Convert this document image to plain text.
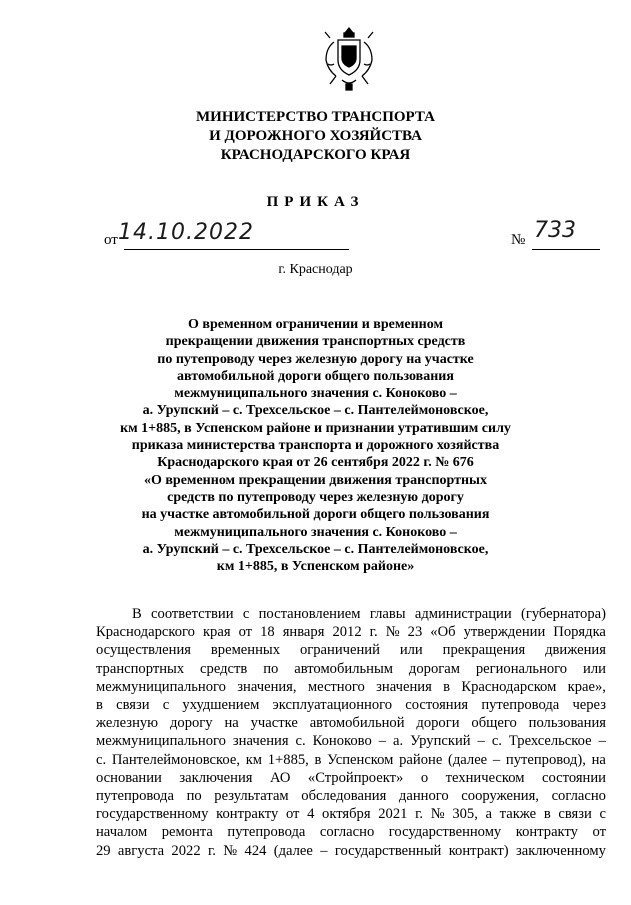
МИНИСТЕРСТВО ТРАНСПОРТА
И ДОРОЖНОГО ХОЗЯЙСТВА
КРАСНОДАРСКОГО КРАЯ
ПРИКАЗ
от 14.10.2022	№ 733
г. Краснодар
О временном ограничении и временном
прекращении движения транспортных средств
по путепроводу через железную дорогу на участке
автомобильной дороги общего пользования
межмуниципального значения с. Коноково –
а. Урупский – с. Трехсельское – с. Пантелеймоновское,
км 1+885, в Успенском районе и признании утратившим силу
приказа министерства транспорта и дорожного хозяйства
Краснодарского края от 26 сентября 2022 г. № 676
«О временном прекращении движения транспортных
средств по путепроводу через железную дорогу
на участке автомобильной дороги общего пользования
межмуниципального значения с. Коноково –
а. Урупский – с. Трехсельское – с. Пантелеймоновское,
км 1+885, в Успенском районе»
В соответствии с постановлением главы администрации (губернатора)
Краснодарского края от 18 января 2012 г. № 23 «Об утверждении Порядка
осуществления временных ограничений или прекращения движения
транспортных средств по автомобильным дорогам регионального или
межмуниципального значения, местного значения в Краснодарском крае»,
в связи с ухудшением эксплуатационного состояния путепровода через
железную дорогу на участке автомобильной дороги общего пользования
межмуниципального значения с. Коноково – а. Урупский – с. Трехсельское –
с. Пантелеймоновское, км 1+885, в Успенском районе (далее – путепровод), на
основании заключения АО «Стройпроект» о техническом состоянии
путепровода по результатам обследования данного сооружения, согласно
государственному контракту от 4 октября 2021 г. № 305, а также в связи с
началом ремонта путепровода согласно государственному контракту от
29 августа 2022 г. № 424 (далее – государственный контракт) заключенному
